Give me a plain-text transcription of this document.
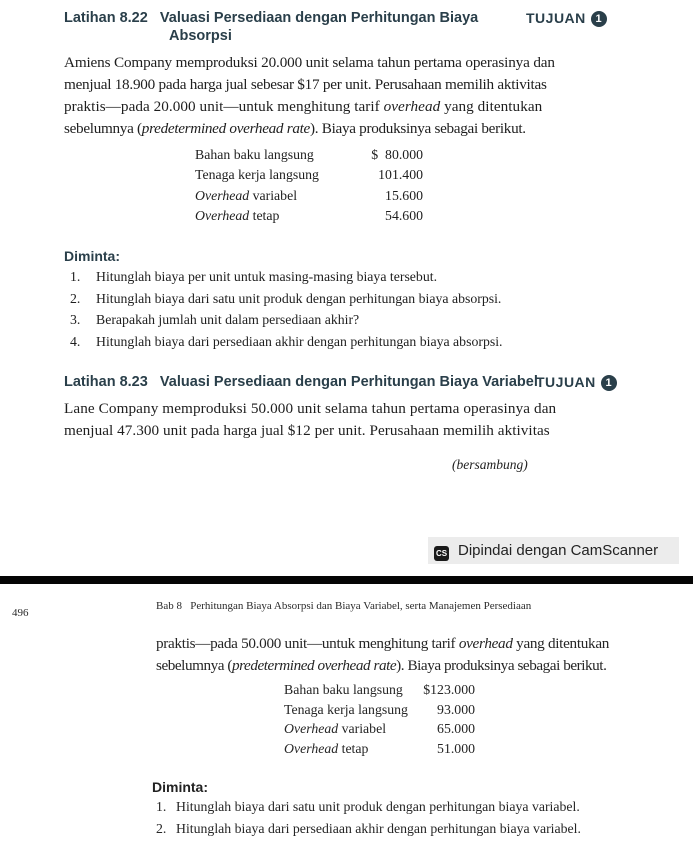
Latihan 8.22   Valuasi Persediaan dengan Perhitungan Biaya
Absorpsi
TUJUAN 1
Amiens Company memproduksi 20.000 unit selama tahun pertama operasinya dan
menjual 18.900 pada harga jual sebesar $17 per unit. Perusahaan memilih aktivitas
praktis—pada 20.000 unit—untuk menghitung tarif overhead yang ditentukan
sebelumnya (predetermined overhead rate). Biaya produksinya sebagai berikut.
Bahan baku langsung	$  80.000
Tenaga kerja langsung	101.400
Overhead variabel	15.600
Overhead tetap	54.600
Diminta:
1. Hitunglah biaya per unit untuk masing-masing biaya tersebut.
2. Hitunglah biaya dari satu unit produk dengan perhitungan biaya absorpsi.
3. Berapakah jumlah unit dalam persediaan akhir?
4. Hitunglah biaya dari persediaan akhir dengan perhitungan biaya absorpsi.
Latihan 8.23   Valuasi Persediaan dengan Perhitungan Biaya Variabel
TUJUAN 1
Lane Company memproduksi 50.000 unit selama tahun pertama operasinya dan
menjual 47.300 unit pada harga jual $12 per unit. Perusahaan memilih aktivitas
(bersambung)
CS Dipindai dengan CamScanner
496
Bab 8   Perhitungan Biaya Absorpsi dan Biaya Variabel, serta Manajemen Persediaan
praktis—pada 50.000 unit—untuk menghitung tarif overhead yang ditentukan
sebelumnya (predetermined overhead rate). Biaya produksinya sebagai berikut.
Bahan baku langsung $123.000
Tenaga kerja langsung 93.000
Overhead variabel	65.000
Overhead tetap	51.000
Diminta:
1. Hitunglah biaya dari satu unit produk dengan perhitungan biaya variabel.
2. Hitunglah biaya dari persediaan akhir dengan perhitungan biaya variabel.
